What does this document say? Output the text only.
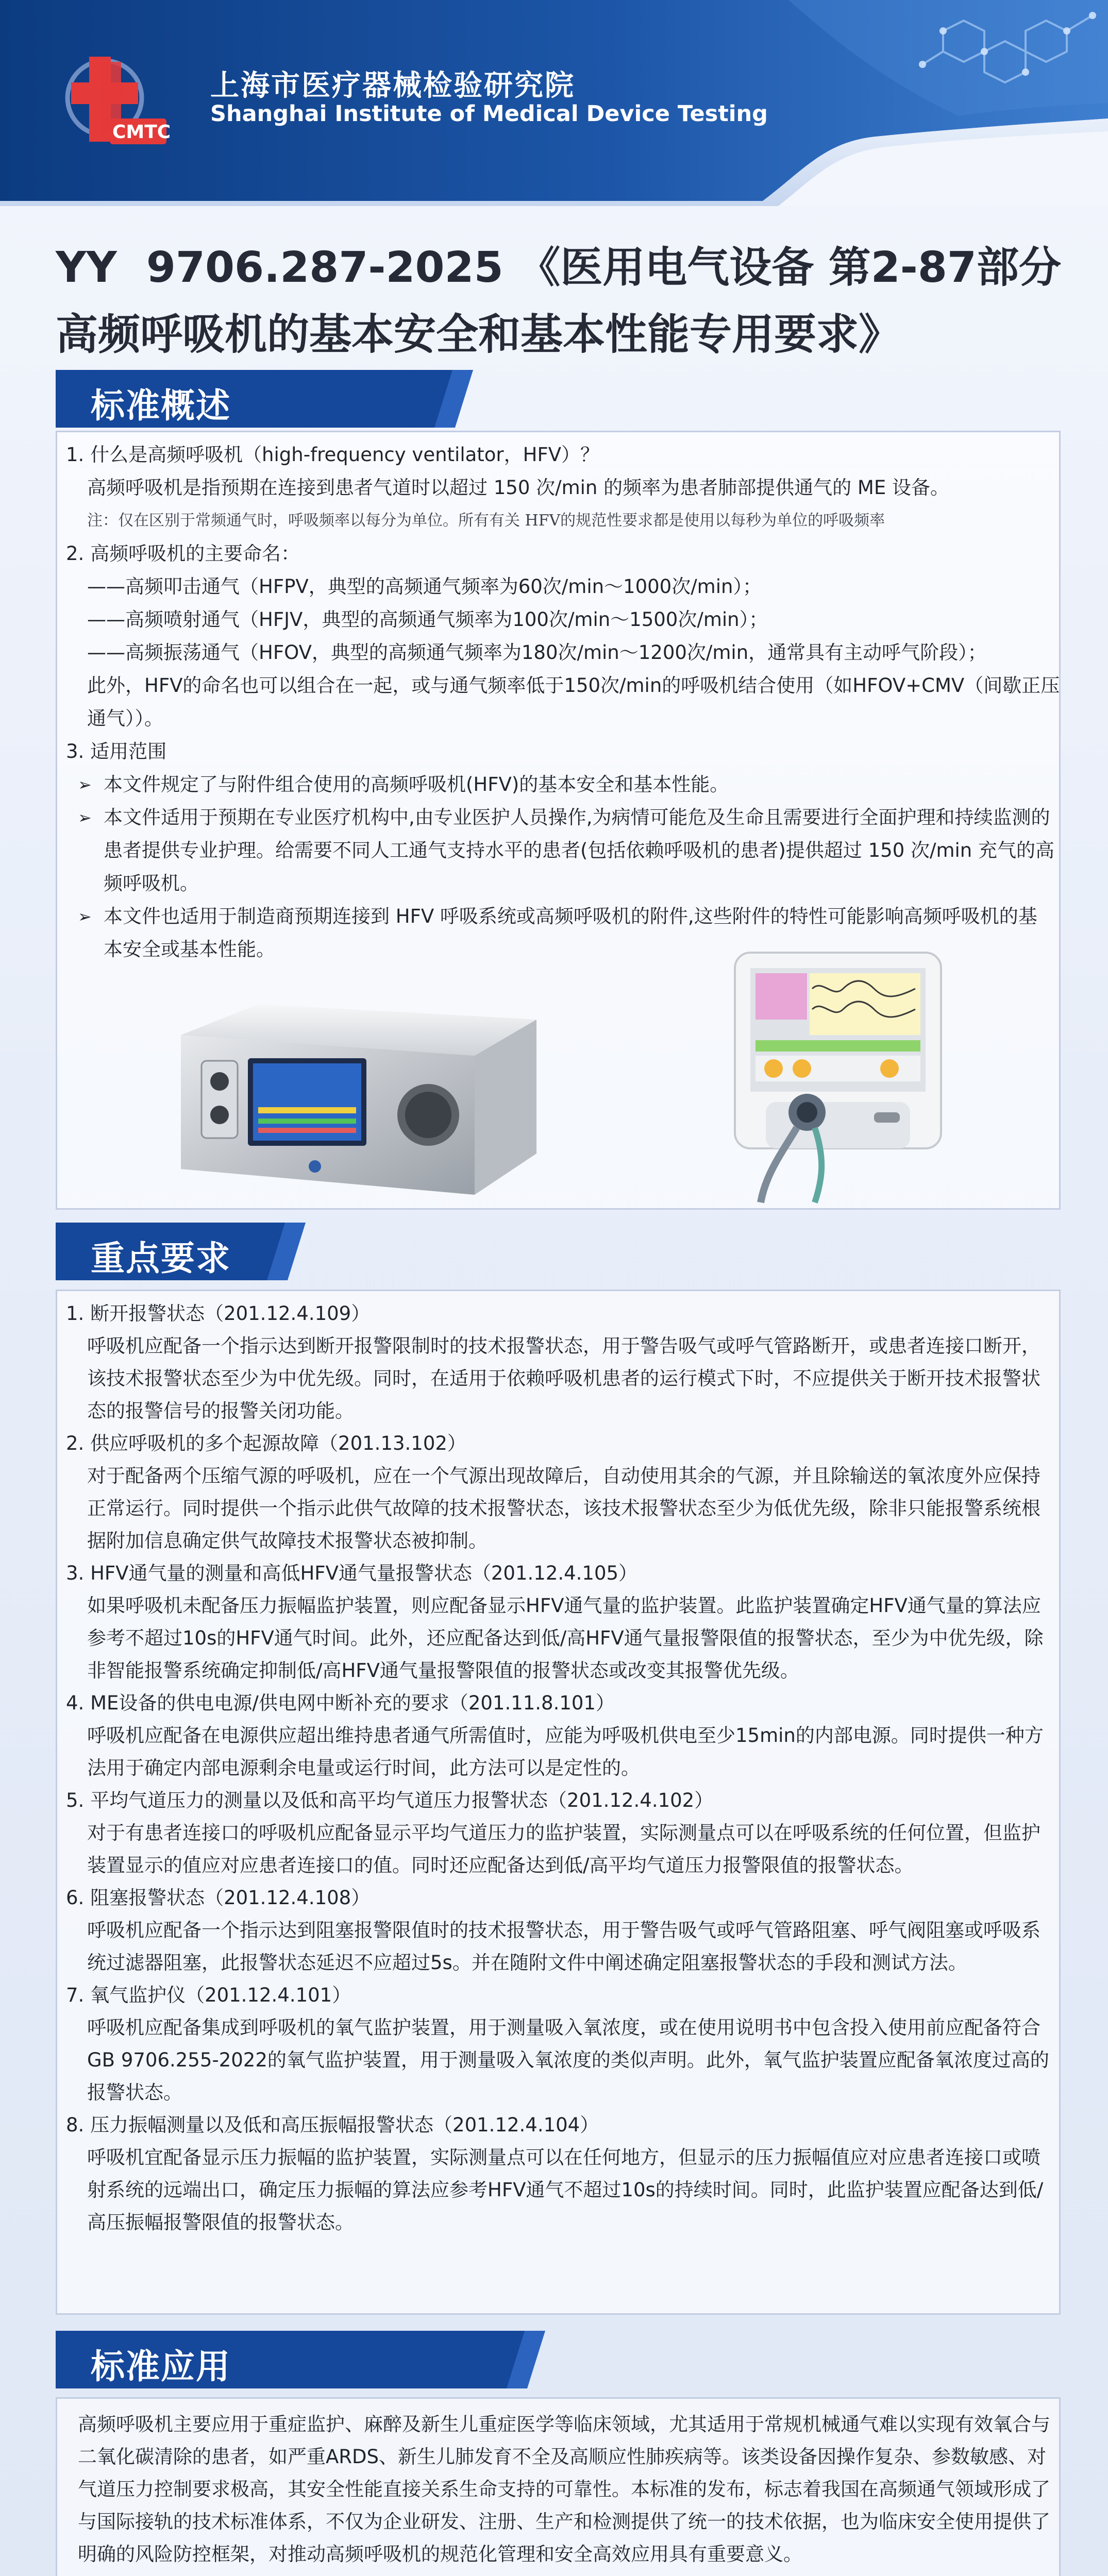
CMTC
上海市医疗器械检验研究院
Shanghai Institute of Medical Device Testing
YY  9706.287-2025 《医用电气设备 第2-87部分
高频呼吸机的基本安全和基本性能专用要求》
标准概述
1. 什么是高频呼吸机（high-frequency ventilator，HFV）？
高频呼吸机是指预期在连接到患者气道时以超过 150 次/min 的频率为患者肺部提供通气的 ME 设备。
注：仅在区别于常频通气时，呼吸频率以每分为单位。所有有关 HFV的规范性要求都是使用以每秒为单位的呼吸频率
2. 高频呼吸机的主要命名：
——高频叩击通气（HFPV，典型的高频通气频率为60次/min～1000次/min）；
——高频喷射通气（HFJV，典型的高频通气频率为100次/min～1500次/min）；
——高频振荡通气（HFOV，典型的高频通气频率为180次/min～1200次/min，通常具有主动呼气阶段）；
此外，HFV的命名也可以组合在一起，或与通气频率低于150次/min的呼吸机结合使用（如HFOV+CMV（间歇正压
通气））。
3. 适用范围
➢ 本文件规定了与附件组合使用的高频呼吸机(HFV)的基本安全和基本性能。
➢ 本文件适用于预期在专业医疗机构中,由专业医护人员操作,为病情可能危及生命且需要进行全面护理和持续监测的
患者提供专业护理。给需要不同人工通气支持水平的患者(包括依赖呼吸机的患者)提供超过 150 次/min 充气的高
频呼吸机。
➢ 本文件也适用于制造商预期连接到 HFV 呼吸系统或高频呼吸机的附件,这些附件的特性可能影响高频呼吸机的基
本安全或基本性能。
重点要求
1. 断开报警状态（201.12.4.109）
呼吸机应配备一个指示达到断开报警限制时的技术报警状态，用于警告吸气或呼气管路断开，或患者连接口断开，
该技术报警状态至少为中优先级。同时，在适用于依赖呼吸机患者的运行模式下时，不应提供关于断开技术报警状
态的报警信号的报警关闭功能。
2. 供应呼吸机的多个起源故障（201.13.102）
对于配备两个压缩气源的呼吸机，应在一个气源出现故障后，自动使用其余的气源，并且除输送的氧浓度外应保持
正常运行。同时提供一个指示此供气故障的技术报警状态，该技术报警状态至少为低优先级，除非只能报警系统根
据附加信息确定供气故障技术报警状态被抑制。
3. HFV通气量的测量和高低HFV通气量报警状态（201.12.4.105）
如果呼吸机未配备压力振幅监护装置，则应配备显示HFV通气量的监护装置。此监护装置确定HFV通气量的算法应
参考不超过10s的HFV通气时间。此外，还应配备达到低/高HFV通气量报警限值的报警状态，至少为中优先级，除
非智能报警系统确定抑制低/高HFV通气量报警限值的报警状态或改变其报警优先级。
4. ME设备的供电电源/供电网中断补充的要求（201.11.8.101）
呼吸机应配备在电源供应超出维持患者通气所需值时，应能为呼吸机供电至少15min的内部电源。同时提供一种方
法用于确定内部电源剩余电量或运行时间，此方法可以是定性的。
5. 平均气道压力的测量以及低和高平均气道压力报警状态（201.12.4.102）
对于有患者连接口的呼吸机应配备显示平均气道压力的监护装置，实际测量点可以在呼吸系统的任何位置，但监护
装置显示的值应对应患者连接口的值。同时还应配备达到低/高平均气道压力报警限值的报警状态。
6. 阻塞报警状态（201.12.4.108）
呼吸机应配备一个指示达到阻塞报警限值时的技术报警状态，用于警告吸气或呼气管路阻塞、呼气阀阻塞或呼吸系
统过滤器阻塞，此报警状态延迟不应超过5s。并在随附文件中阐述确定阻塞报警状态的手段和测试方法。
7. 氧气监护仪（201.12.4.101）
呼吸机应配备集成到呼吸机的氧气监护装置，用于测量吸入氧浓度，或在使用说明书中包含投入使用前应配备符合
GB 9706.255-2022的氧气监护装置，用于测量吸入氧浓度的类似声明。此外，氧气监护装置应配备氧浓度过高的
报警状态。
8. 压力振幅测量以及低和高压振幅报警状态（201.12.4.104）
呼吸机宜配备显示压力振幅的监护装置，实际测量点可以在任何地方，但显示的压力振幅值应对应患者连接口或喷
射系统的远端出口，确定压力振幅的算法应参考HFV通气不超过10s的持续时间。同时，此监护装置应配备达到低/
高压振幅报警限值的报警状态。
标准应用
高频呼吸机主要应用于重症监护、麻醉及新生儿重症医学等临床领域，尤其适用于常规机械通气难以实现有效氧合与
二氧化碳清除的患者，如严重ARDS、新生儿肺发育不全及高顺应性肺疾病等。该类设备因操作复杂、参数敏感、对
气道压力控制要求极高，其安全性能直接关系生命支持的可靠性。本标准的发布，标志着我国在高频通气领域形成了
与国际接轨的技术标准体系，不仅为企业研发、注册、生产和检测提供了统一的技术依据，也为临床安全使用提供了
明确的风险防控框架，对推动高频呼吸机的规范化管理和安全高效应用具有重要意义。
